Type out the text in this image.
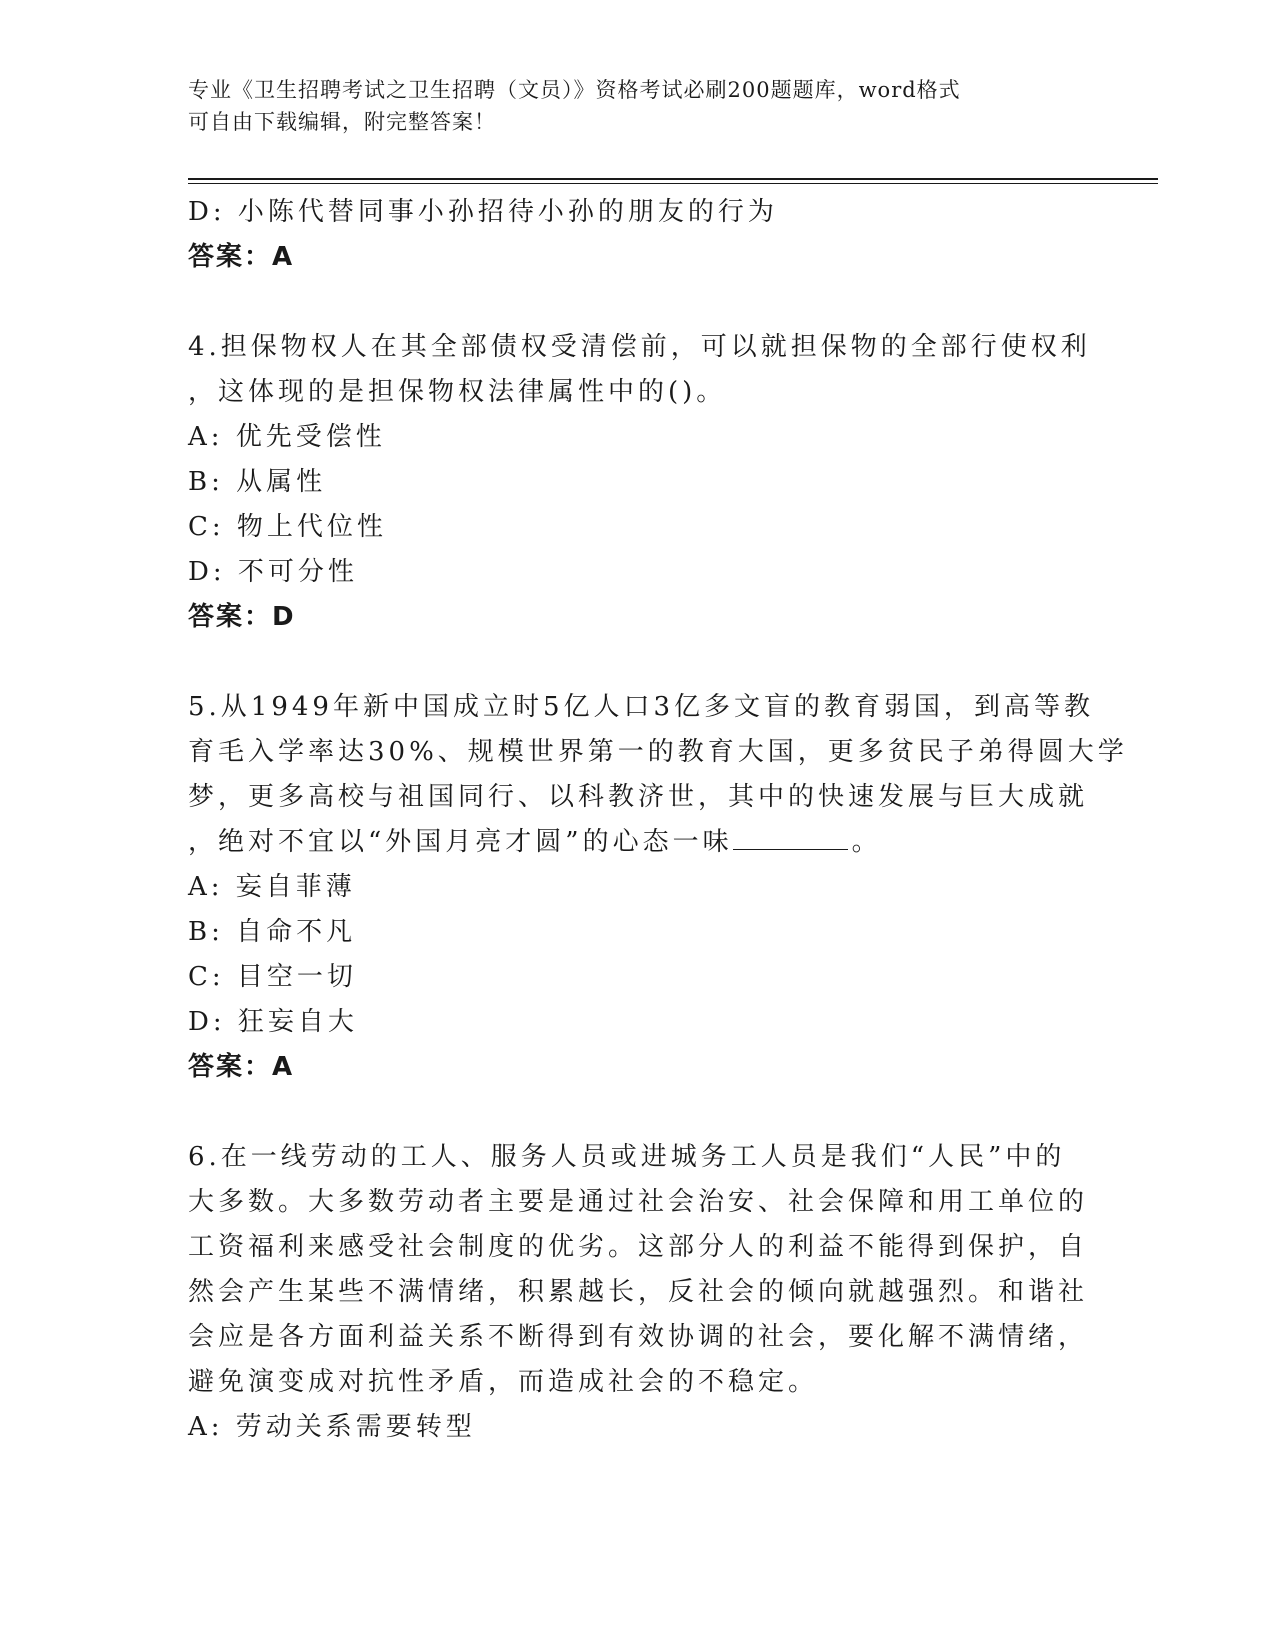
专业《卫生招聘考试之卫生招聘（文员）》资格考试必刷200题题库，word格式
可自由下载编辑，附完整答案！
D: 小陈代替同事小孙招待小孙的朋友的行为
答案：A
4.担保物权人在其全部债权受清偿前，可以就担保物的全部行使权利
，这体现的是担保物权法律属性中的()。
A: 优先受偿性
B: 从属性
C: 物上代位性
D: 不可分性
答案：D
5.从1949年新中国成立时5亿人口3亿多文盲的教育弱国，到高等教
育毛入学率达30%、规模世界第一的教育大国，更多贫民子弟得圆大学
梦，更多高校与祖国同行、以科教济世，其中的快速发展与巨大成就
，绝对不宜以“外国月亮才圆”的心态一味	。
A: 妄自菲薄
B: 自命不凡
C: 目空一切
D: 狂妄自大
答案：A
6.在一线劳动的工人、服务人员或进城务工人员是我们“人民”中的
大多数。大多数劳动者主要是通过社会治安、社会保障和用工单位的
工资福利来感受社会制度的优劣。这部分人的利益不能得到保护，自
然会产生某些不满情绪，积累越长，反社会的倾向就越强烈。和谐社
会应是各方面利益关系不断得到有效协调的社会，要化解不满情绪，
避免演变成对抗性矛盾，而造成社会的不稳定。
A: 劳动关系需要转型
